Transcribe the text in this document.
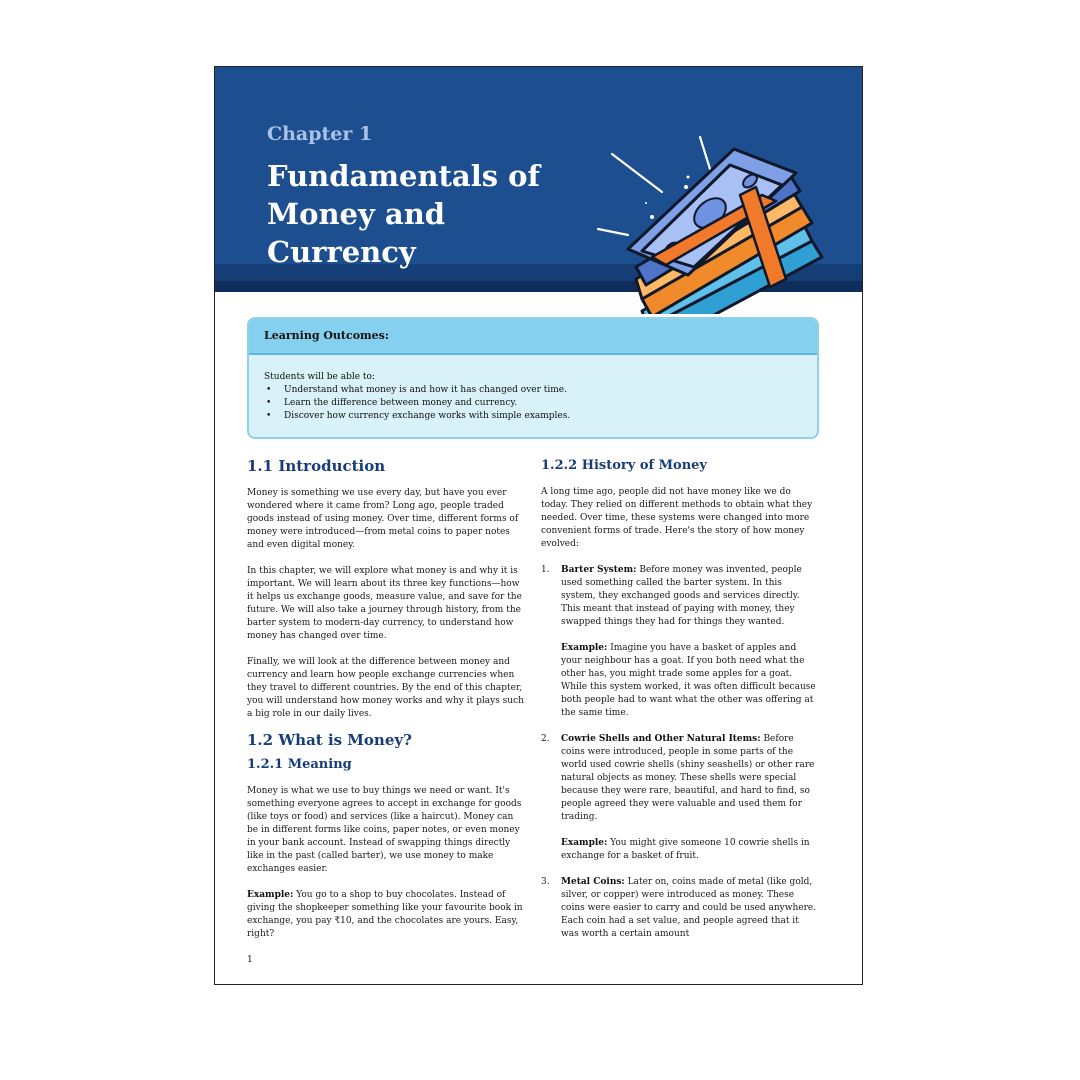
Chapter 1
Fundamentals of
Money and Currency
Learning Outcomes:
Students will be able to:
• Understand what money is and how it has changed over time.
• Learn the difference between money and currency.
• Discover how currency exchange works with simple examples.
1.1 Introduction

Money is something we use every day, but have you ever wondered where it came from? Long ago, people traded goods instead of using money. Over time, different forms of money were introduced—from metal coins to paper notes and even digital money.

In this chapter, we will explore what money is and why it is important. We will learn about its three key functions—how it helps us exchange goods, measure value, and save for the future. We will also take a journey through history, from the barter system to modern-day currency, to understand how money has changed over time.

Finally, we will look at the difference between money and currency and learn how people exchange currencies when they travel to different countries. By the end of this chapter, you will understand how money works and why it plays such a big role in our daily lives.

1.2 What is Money?
1.2.1 Meaning

Money is what we use to buy things we need or want. It's something everyone agrees to accept in exchange for goods (like toys or food) and services (like a haircut). Money can be in different forms like coins, paper notes, or even money in your bank account. Instead of swapping things directly like in the past (called barter), we use money to make exchanges easier.

Example: You go to a shop to buy chocolates. Instead of giving the shopkeeper something like your favourite book in exchange, you pay ₹10, and the chocolates are yours. Easy, right?

1.2.2 History of Money

A long time ago, people did not have money like we do today. They relied on different methods to obtain what they needed. Over time, these systems were changed into more convenient forms of trade. Here's the story of how money evolved:

1. Barter System: Before money was invented, people used something called the barter system. In this system, they exchanged goods and services directly. This meant that instead of paying with money, they swapped things they had for things they wanted.

Example: Imagine you have a basket of apples and your neighbour has a goat. If you both need what the other has, you might trade some apples for a goat. While this system worked, it was often difficult because both people had to want what the other was offering at the same time.

2. Cowrie Shells and Other Natural Items: Before coins were introduced, people in some parts of the world used cowrie shells (shiny seashells) or other rare natural objects as money. These shells were special because they were rare, beautiful, and hard to find, so people agreed they were valuable and used them for trading.

Example: You might give someone 10 cowrie shells in exchange for a basket of fruit.

3. Metal Coins: Later on, coins made of metal (like gold, silver, or copper) were introduced as money. These coins were easier to carry and could be used anywhere. Each coin had a set value, and people agreed that it was worth a certain amount

1
